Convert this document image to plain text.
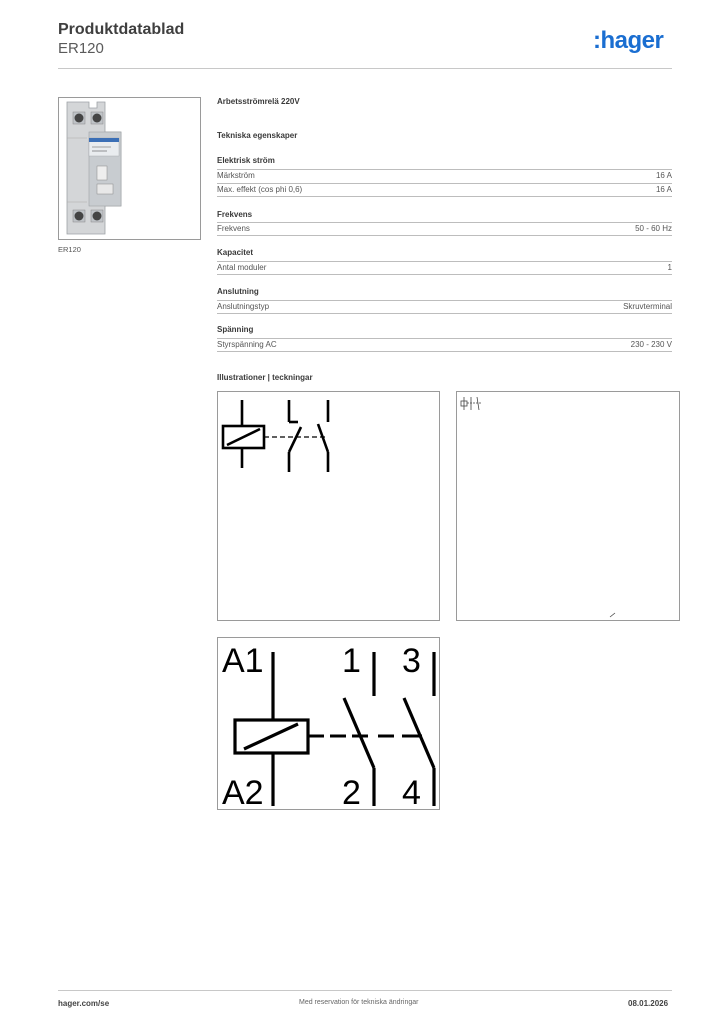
Produktdatablad
ER120	:hager
ER120
Arbetsströmrelä 220V
Tekniska egenskaper
Elektrisk ström
Märkström	16 A
Max. effekt (cos phi 0,6)	16 A
Frekvens
Frekvens	50 - 60 Hz
Kapacitet
Antal moduler	1
Anslutning
Anslutningstyp	Skruvterminal
Spänning
Styrspänning AC	230 - 230 V
Illustrationer | teckningar
A1
A2
1
2
3
4
hager.com/se	Med reservation för tekniska ändringar	08.01.2026
